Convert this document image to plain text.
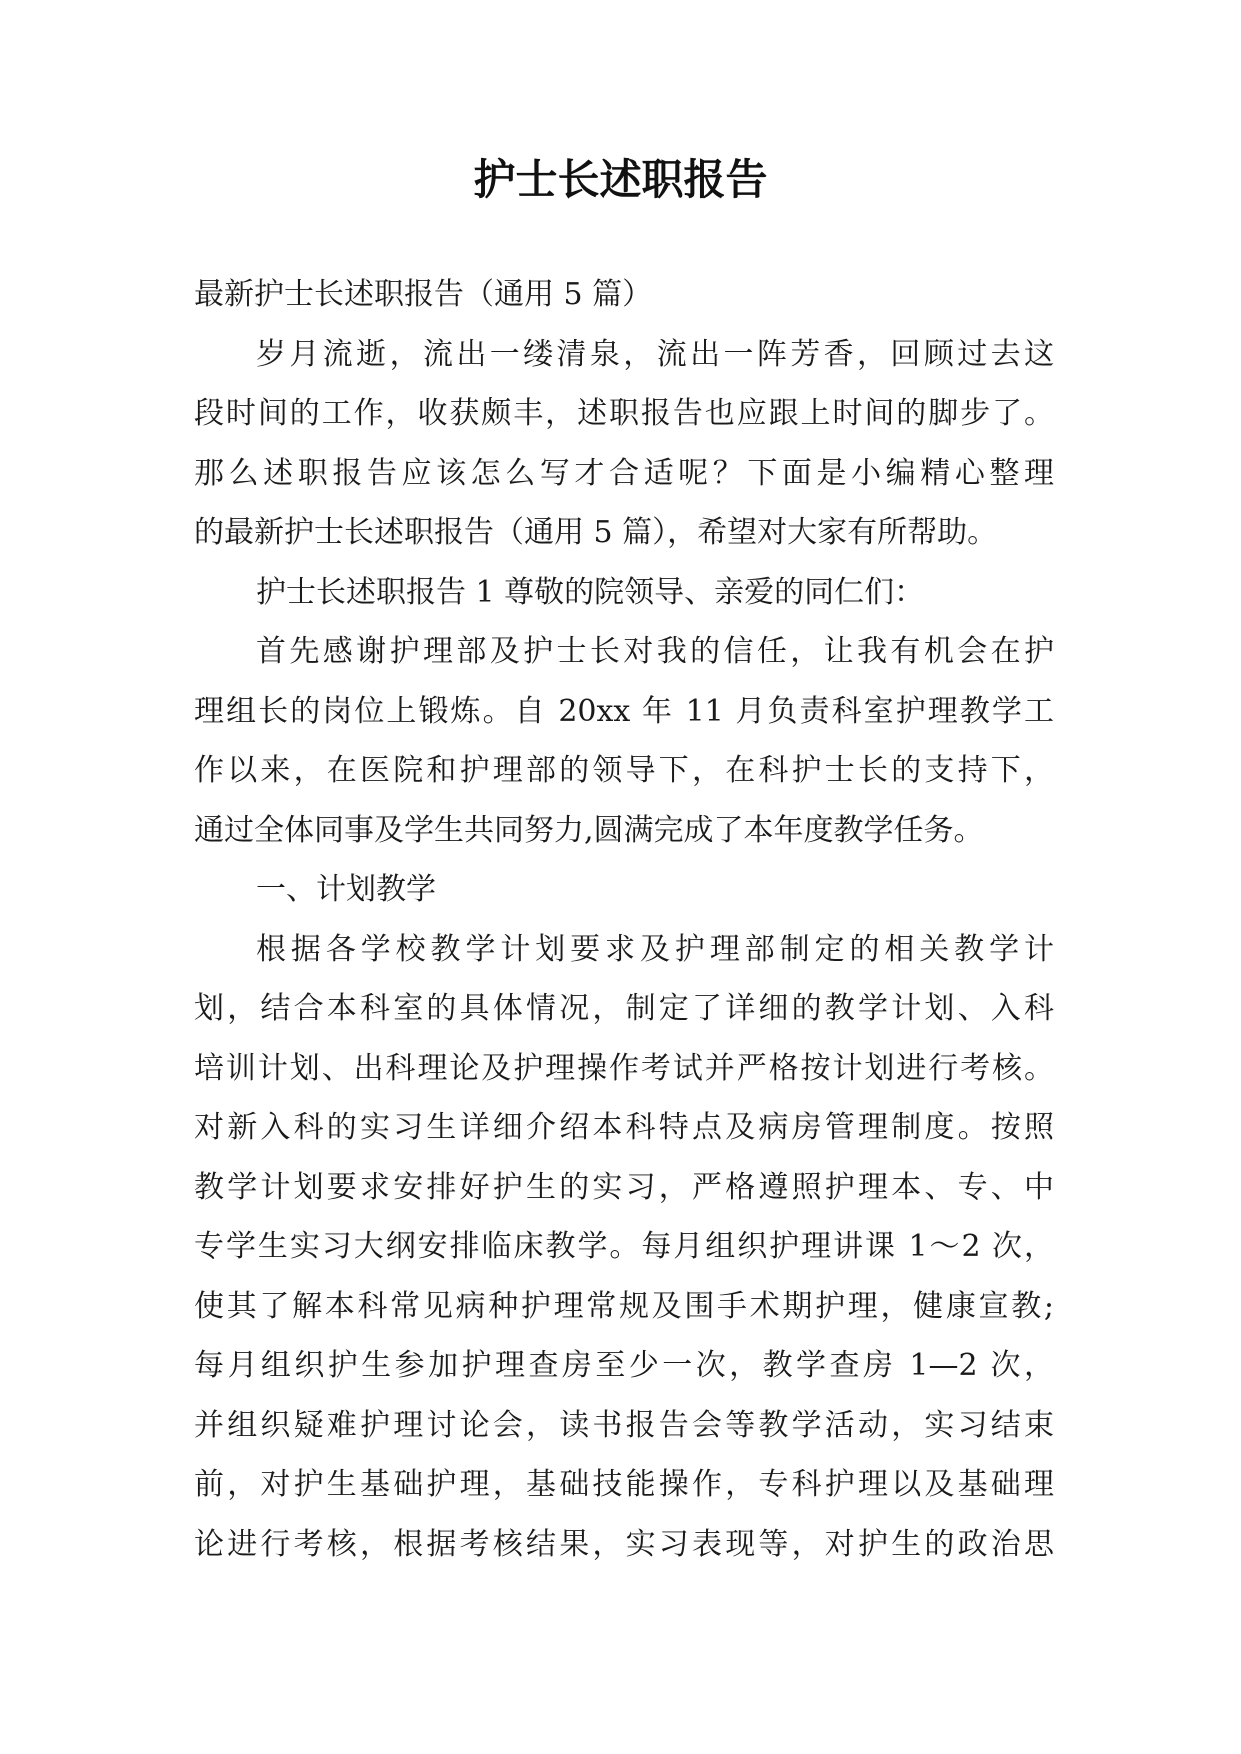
护士长述职报告
最新护士长述职报告（通用 5 篇）
岁月流逝，流出一缕清泉，流出一阵芳香，回顾过去这
段时间的工作，收获颇丰，述职报告也应跟上时间的脚步了。
那么述职报告应该怎么写才合适呢？下面是小编精心整理
的最新护士长述职报告（通用 5 篇），希望对大家有所帮助。
护士长述职报告 1 尊敬的院领导、亲爱的同仁们：
首先感谢护理部及护士长对我的信任，让我有机会在护
理组长的岗位上锻炼。自 20xx 年 11 月负责科室护理教学工
作以来，在医院和护理部的领导下，在科护士长的支持下，
通过全体同事及学生共同努力,圆满完成了本年度教学任务。
一、计划教学
根据各学校教学计划要求及护理部制定的相关教学计
划，结合本科室的具体情况，制定了详细的教学计划、入科
培训计划、出科理论及护理操作考试并严格按计划进行考核。
对新入科的实习生详细介绍本科特点及病房管理制度。按照
教学计划要求安排好护生的实习，严格遵照护理本、专、中
专学生实习大纲安排临床教学。每月组织护理讲课 1～2 次，
使其了解本科常见病种护理常规及围手术期护理，健康宣教;
每月组织护生参加护理查房至少一次，教学查房 1—2 次，
并组织疑难护理讨论会，读书报告会等教学活动，实习结束
前，对护生基础护理，基础技能操作，专科护理以及基础理
论进行考核，根据考核结果，实习表现等，对护生的政治思
